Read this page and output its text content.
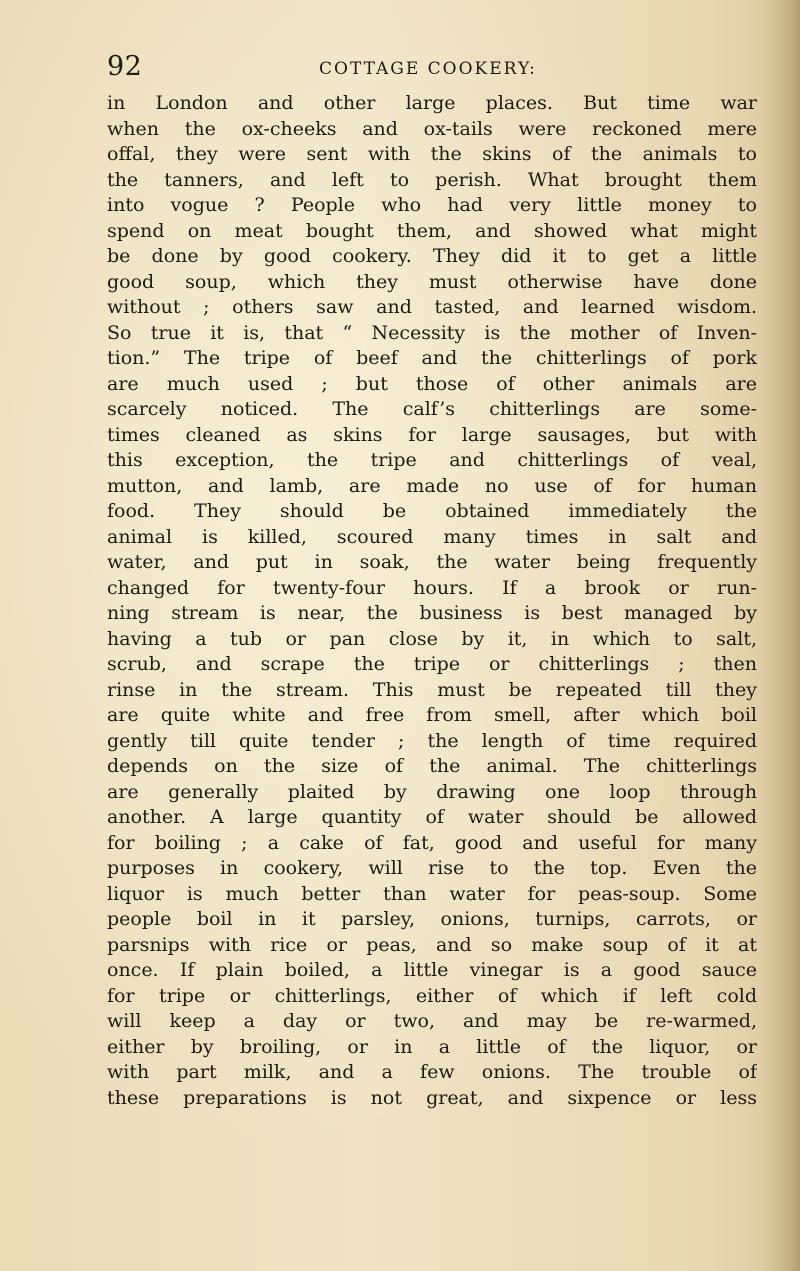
92	COTTAGE COOKERY:
in London and other large places. But time war
when the ox-cheeks and ox-tails were reckoned mere
offal, they were sent with the skins of the animals to
the tanners, and left to perish. What brought them
into vogue ? People who had very little money to
spend on meat bought them, and showed what might
be done by good cookery. They did it to get a little
good soup, which they must otherwise have done
without ; others saw and tasted, and learned wisdom.
So true it is, that “ Necessity is the mother of Inven-
tion.” The tripe of beef and the chitterlings of pork
are much used ; but those of other animals are
scarcely noticed. The calf’s chitterlings are some-
times cleaned as skins for large sausages, but with
this exception, the tripe and chitterlings of veal,
mutton, and lamb, are made no use of for human
food. They should be obtained immediately the
animal is killed, scoured many times in salt and
water, and put in soak, the water being frequently
changed for twenty-four hours. If a brook or run-
ning stream is near, the business is best managed by
having a tub or pan close by it, in which to salt,
scrub, and scrape the tripe or chitterlings ; then
rinse in the stream. This must be repeated till they
are quite white and free from smell, after which boil
gently till quite tender ; the length of time required
depends on the size of the animal. The chitterlings
are generally plaited by drawing one loop through
another. A large quantity of water should be allowed
for boiling ; a cake of fat, good and useful for many
purposes in cookery, will rise to the top. Even the
liquor is much better than water for peas-soup. Some
people boil in it parsley, onions, turnips, carrots, or
parsnips with rice or peas, and so make soup of it at
once. If plain boiled, a little vinegar is a good sauce
for tripe or chitterlings, either of which if left cold
will keep a day or two, and may be re-warmed,
either by broiling, or in a little of the liquor, or
with part milk, and a few onions. The trouble of
these preparations is not great, and sixpence or less
